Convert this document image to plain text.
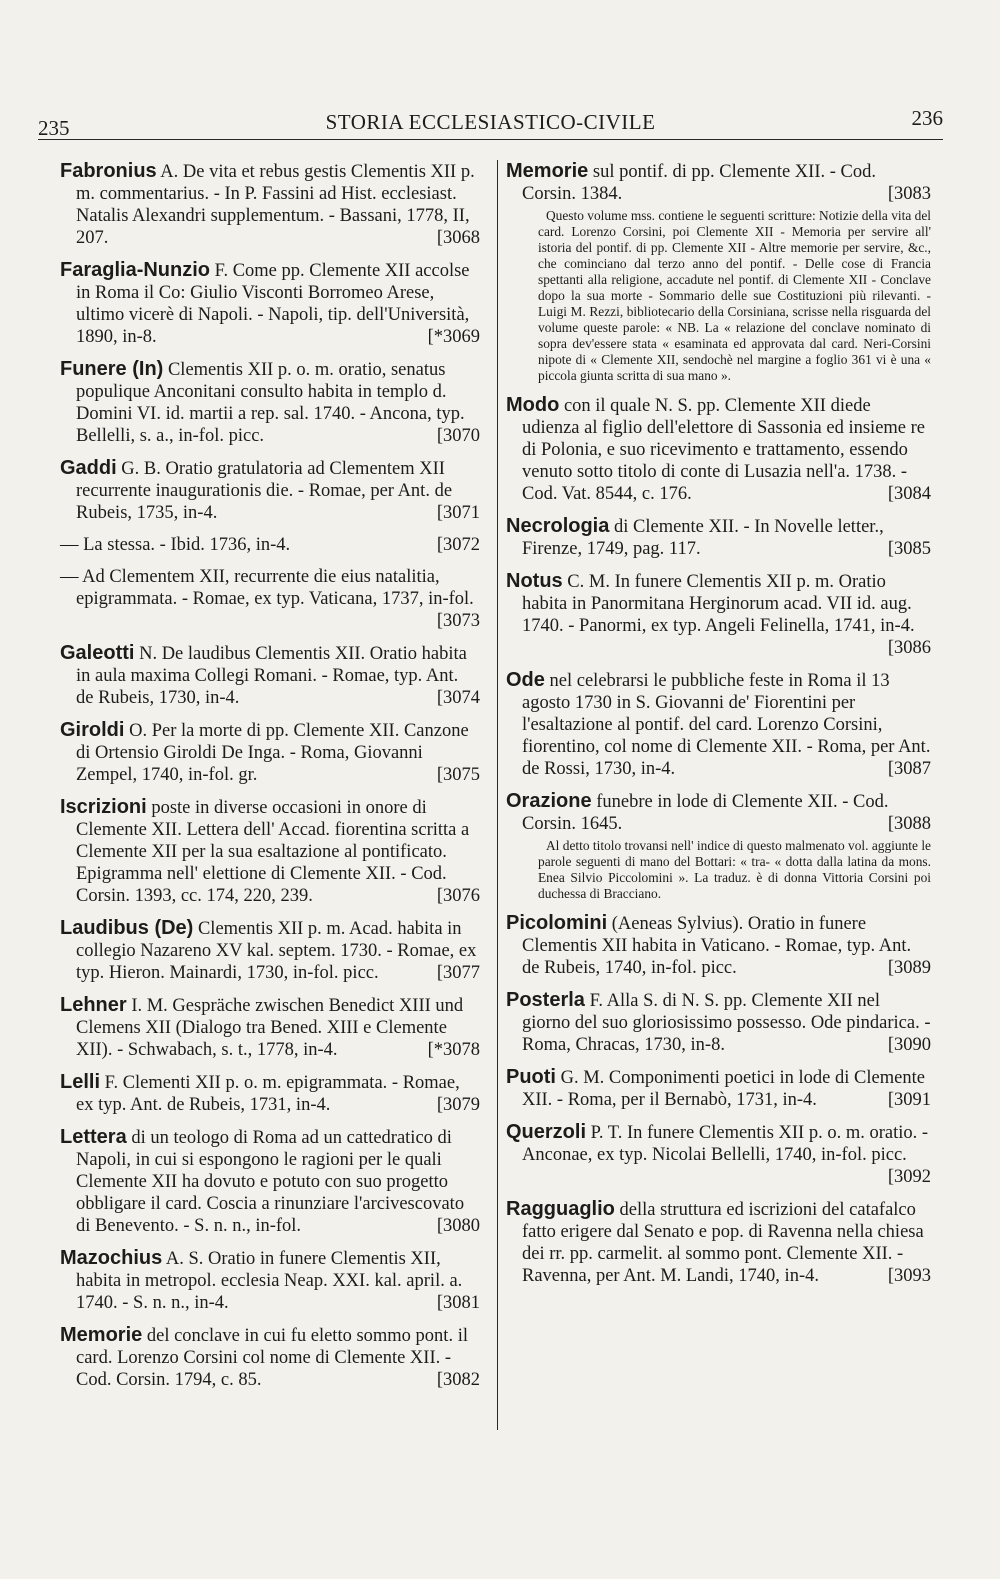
235	STORIA ECCLESIASTICO-CIVILE	236
Fabronius A. De vita et rebus gestis Clementis XII p. m. commentarius. - In P. Fassini ad Hist. ecclesiast. Natalis Alexandri supplementum. - Bassani, 1778, II, 207.	[3068
Faraglia-Nunzio F. Come pp. Clemente XII accolse in Roma il Co: Giulio Visconti Borromeo Arese, ultimo vicerè di Napoli. - Napoli, tip. dell'Università, 1890, in-8.	[*3069
Funere (In) Clementis XII p. o. m. oratio, senatus populique Anconitani consulto habita in templo d. Domini VI. id. martii a rep. sal. 1740. - Ancona, typ. Bellelli, s. a., in-fol. picc.	[3070
Gaddi G. B. Oratio gratulatoria ad Clementem XII recurrente inaugurationis die. - Romae, per Ant. de Rubeis, 1735, in-4.	[3071
— La stessa. - Ibid. 1736, in-4.	[3072
— Ad Clementem XII, recurrente die eius natalitia, epigrammata. - Romae, ex typ. Vaticana, 1737, in-fol.
[3073
Galeotti N. De laudibus Clementis XII. Oratio habita in aula maxima Collegi Romani. - Romae, typ. Ant. de Rubeis, 1730, in-4.	[3074
Giroldi O. Per la morte di pp. Clemente XII. Canzone di Ortensio Giroldi De Inga. - Roma, Giovanni Zempel, 1740, in-fol. gr.	[3075
Iscrizioni poste in diverse occasioni in onore di Clemente XII. Lettera dell' Accad. fiorentina scritta a Clemente XII per la sua esaltazione al pontificato. Epigramma nell' elettione di Clemente XII. - Cod. Corsin. 1393, cc. 174, 220, 239.	[3076
Laudibus (De) Clementis XII p. m. Acad. habita in collegio Nazareno XV kal. septem. 1730. - Romae, ex typ. Hieron. Mainardi, 1730, in-fol. picc.	[3077
Lehner I. M. Gespräche zwischen Benedict XIII und Clemens XII (Dialogo tra Bened. XIII e Clemente XII). - Schwabach, s. t., 1778, in-4.	[*3078
Lelli F. Clementi XII p. o. m. epigrammata. - Romae, ex typ. Ant. de Rubeis, 1731, in-4.	[3079
Lettera di un teologo di Roma ad un cattedratico di Napoli, in cui si espongono le ragioni per le quali Clemente XII ha dovuto e potuto con suo progetto obbligare il card. Coscia a rinunziare l'arcivescovato di Benevento. - S. n. n., in-fol.	[3080
Mazochius A. S. Oratio in funere Clementis XII, habita in metropol. ecclesia Neap. XXI. kal. april. a. 1740. - S. n. n., in-4.	[3081
Memorie del conclave in cui fu eletto sommo pont. il card. Lorenzo Corsini col nome di Clemente XII. - Cod. Corsin. 1794, c. 85.	[3082
Memorie sul pontif. di pp. Clemente XII. - Cod. Corsin. 1384.	[3083
Questo volume mss. contiene le seguenti scritture: Notizie della vita del card. Lorenzo Corsini, poi Clemente XII - Memoria per servire all' istoria del pontif. di pp. Clemente XII - Altre memorie per servire, &c., che cominciano dal terzo anno del pontif. - Delle cose di Francia spettanti alla religione, accadute nel pontif. di Clemente XII - Conclave dopo la sua morte - Sommario delle sue Costituzioni più rilevanti. - Luigi M. Rezzi, bibliotecario della Corsiniana, scrisse nella risguarda del volume queste parole: « NB. La « relazione del conclave nominato di sopra dev'essere stata « esaminata ed approvata dal card. Neri-Corsini nipote di « Clemente XII, sendochè nel margine a foglio 361 vi è una « piccola giunta scritta di sua mano ».
Modo con il quale N. S. pp. Clemente XII diede udienza al figlio dell'elettore di Sassonia ed insieme re di Polonia, e suo ricevimento e trattamento, essendo venuto sotto titolo di conte di Lusazia nell'a. 1738. - Cod. Vat. 8544, c. 176.	[3084
Necrologia di Clemente XII. - In Novelle letter., Firenze, 1749, pag. 117.	[3085
Notus C. M. In funere Clementis XII p. m. Oratio habita in Panormitana Herginorum acad. VII id. aug. 1740. - Panormi, ex typ. Angeli Felinella, 1741, in-4.
[3086
Ode nel celebrarsi le pubbliche feste in Roma il 13 agosto 1730 in S. Giovanni de' Fiorentini per l'esaltazione al pontif. del card. Lorenzo Corsini, fiorentino, col nome di Clemente XII. - Roma, per Ant. de Rossi, 1730, in-4.	[3087
Orazione funebre in lode di Clemente XII. - Cod. Corsin. 1645.	[3088
Al detto titolo trovansi nell' indice di questo malmenato vol. aggiunte le parole seguenti di mano del Bottari: « tra- « dotta dalla latina da mons. Enea Silvio Piccolomini ». La traduz. è di donna Vittoria Corsini poi duchessa di Bracciano.
Picolomini (Aeneas Sylvius). Oratio in funere Clementis XII habita in Vaticano. - Romae, typ. Ant. de Rubeis, 1740, in-fol. picc.	[3089
Posterla F. Alla S. di N. S. pp. Clemente XII nel giorno del suo gloriosissimo possesso. Ode pindarica. - Roma, Chracas, 1730, in-8.	[3090
Puoti G. M. Componimenti poetici in lode di Clemente XII. - Roma, per il Bernabò, 1731, in-4.	[3091
Querzoli P. T. In funere Clementis XII p. o. m. oratio. - Anconae, ex typ. Nicolai Bellelli, 1740, in-fol. picc.
[3092
Ragguaglio della struttura ed iscrizioni del catafalco fatto erigere dal Senato e pop. di Ravenna nella chiesa dei rr. pp. carmelit. al sommo pont. Clemente XII. - Ravenna, per Ant. M. Landi, 1740, in-4.	[3093
